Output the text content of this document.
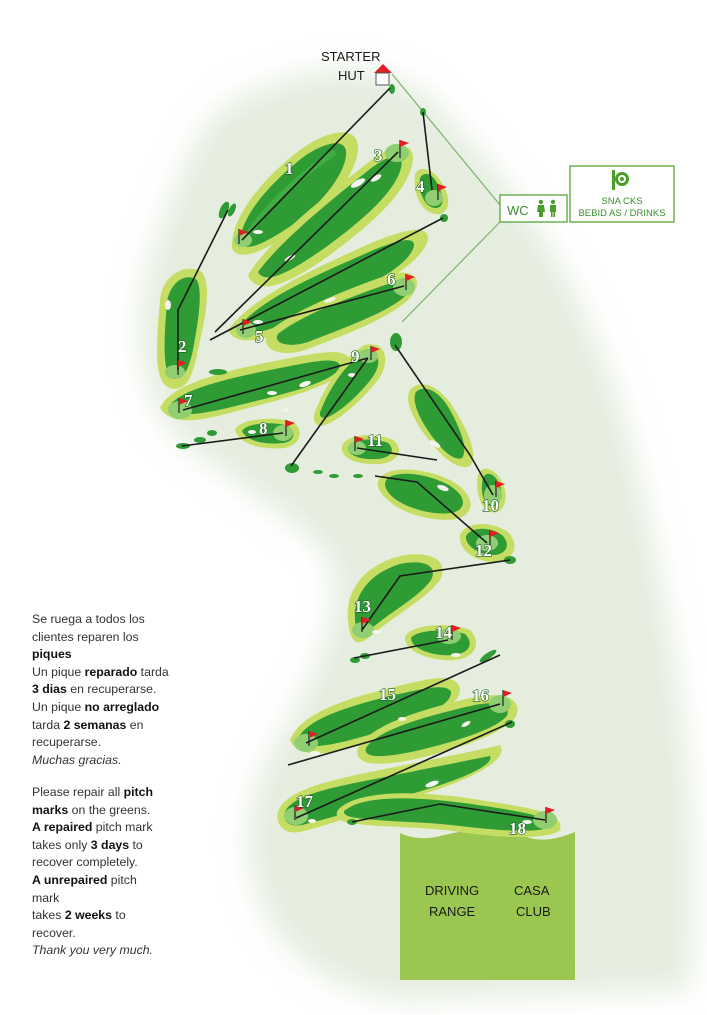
1
2
3
4
5
6
7
8
9
10
11
12
13
14
15	16
17
18
STARTER
HUT
WC
SNA CKS
BEBID AS / DRINKS
DRIVING
RANGE
CASA
CLUB
Se ruega a todos los
clientes reparen los
piques
Un pique reparado tarda
3 dias en recuperarse.
Un pique no arreglado
tarda 2 semanas en
recuperarse.
Muchas gracias.
Please repair all pitch
marks on the greens.
A repaired pitch mark
takes only 3 days to
recover completely.
A unrepaired pitch
mark
takes 2 weeks to
recover.
Thank you very much.
